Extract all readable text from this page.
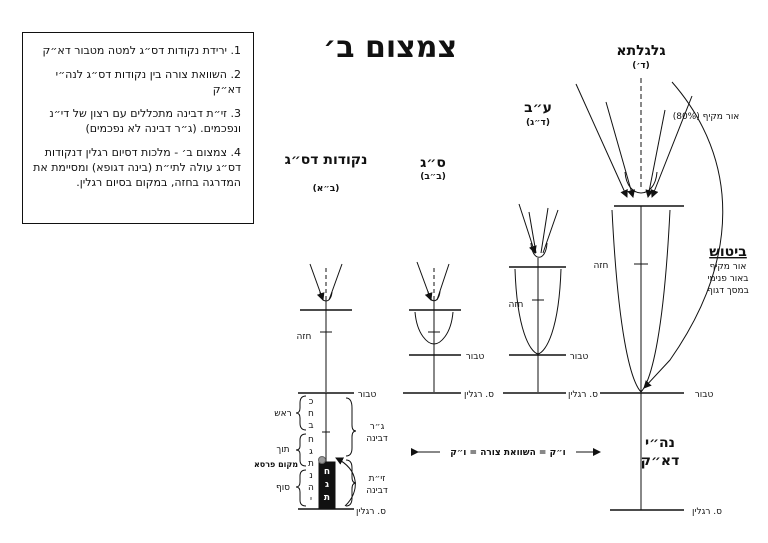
צמצום ב׳	גלגלתא
(ד׳)
אור מקיף (80%)
ביטוש
אור מקיף
באור פנימי
במסך דגוף
חזה
טבור
נה״י
דא״ק
ס. רגלין
ע״ב
(ד״ג)
חזה
טבור
ס. רגלין
ס״ג
(ב״ב)
טבור
ס. רגלין
נקודות דס״ג
(ב״א)
חזה
טבור
ס. רגלין
ראש
תוך
מקום פרסא
סוף
ג״ר
דבינה
זי״ת
דבינה
כ
ח
ב
ח
ג
ת
נ
ה
י
ח
ג
ת
ו״ק = השוואת צורה = ו״ק

1. ירידת נקודות דס״ג למטה מטבור דא״ק

2. השוואת צורה בין נקודות דס״ג לנה״י דא״ק

3. זי״ת דבינה מתכללים עם רצון של די״נ ונפכמים. (ג״ר דבינה לא נפכמים)

4. צמצום ב׳ - מלכות דסיום רגלין דנקודות דס״ג עולה לתי״ת (בינה דגופא) ומסיימת את המדרגה בחזה, במקום בסיום רגלין.
